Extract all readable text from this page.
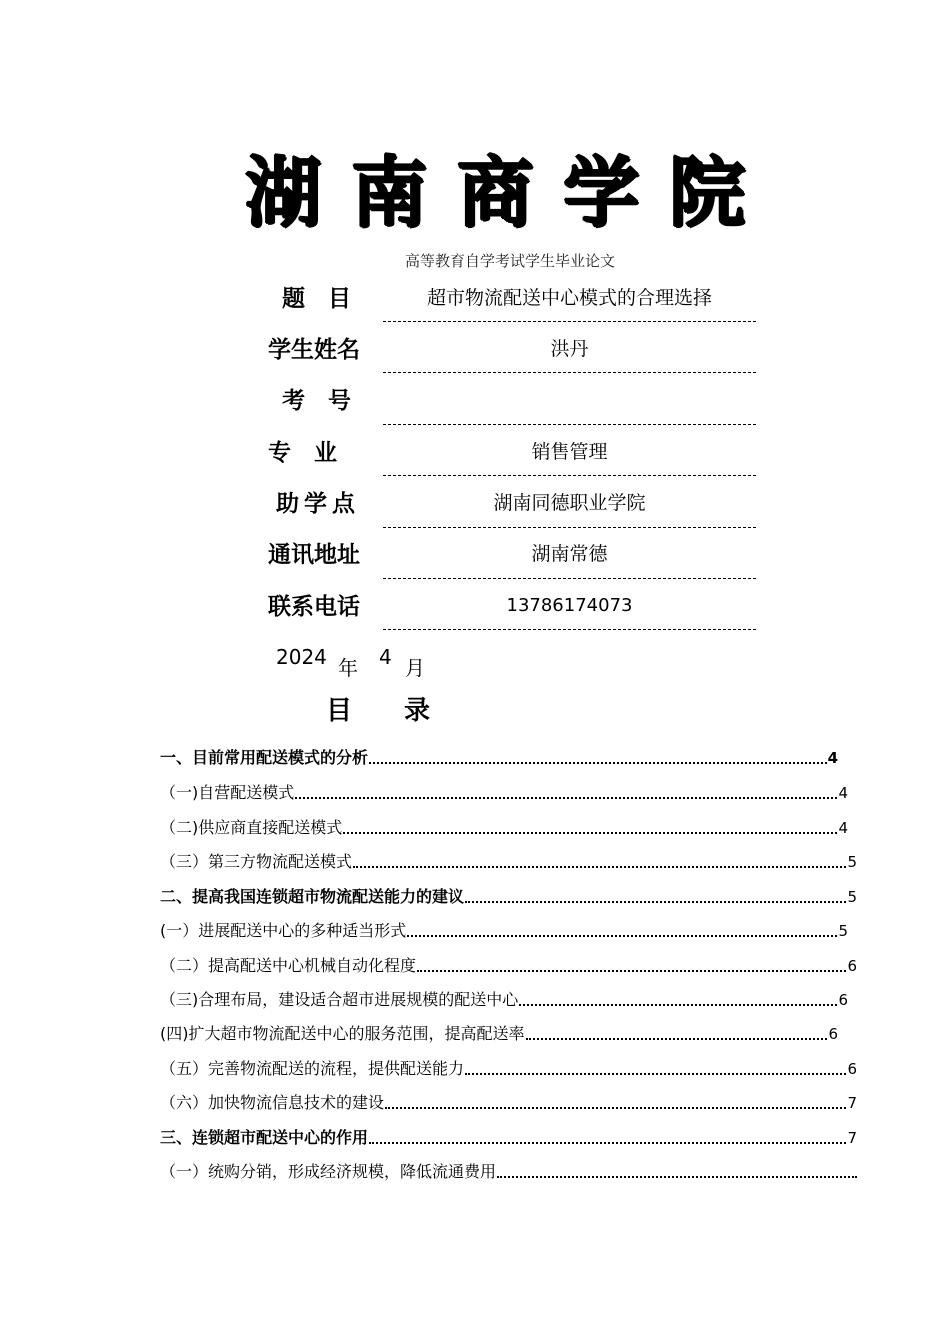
湖南商学院
高等教育自学考试学生毕业论文
题　目	超市物流配送中心模式的合理选择
学生姓名	洪丹
考　号
专　业	销售管理
助学点	湖南同德职业学院
通讯地址	湖南常德
联系电话	13786174073
2024 年 4 月
目 录
一、目前常用配送模式的分析	4
（一)自营配送模式	4
（二)供应商直接配送模式	4
（三）第三方物流配送模式	5
二、提高我国连锁超市物流配送能力的建议	5
(一）进展配送中心的多种适当形式	5
（二）提高配送中心机械自动化程度	6
（三)合理布局，建设适合超市进展规模的配送中心	6
(四)扩大超市物流配送中心的服务范围，提高配送率	6
（五）完善物流配送的流程，提供配送能力	6
（六）加快物流信息技术的建设	7
三、连锁超市配送中心的作用	7
（一）统购分销，形成经济规模，降低流通费用
